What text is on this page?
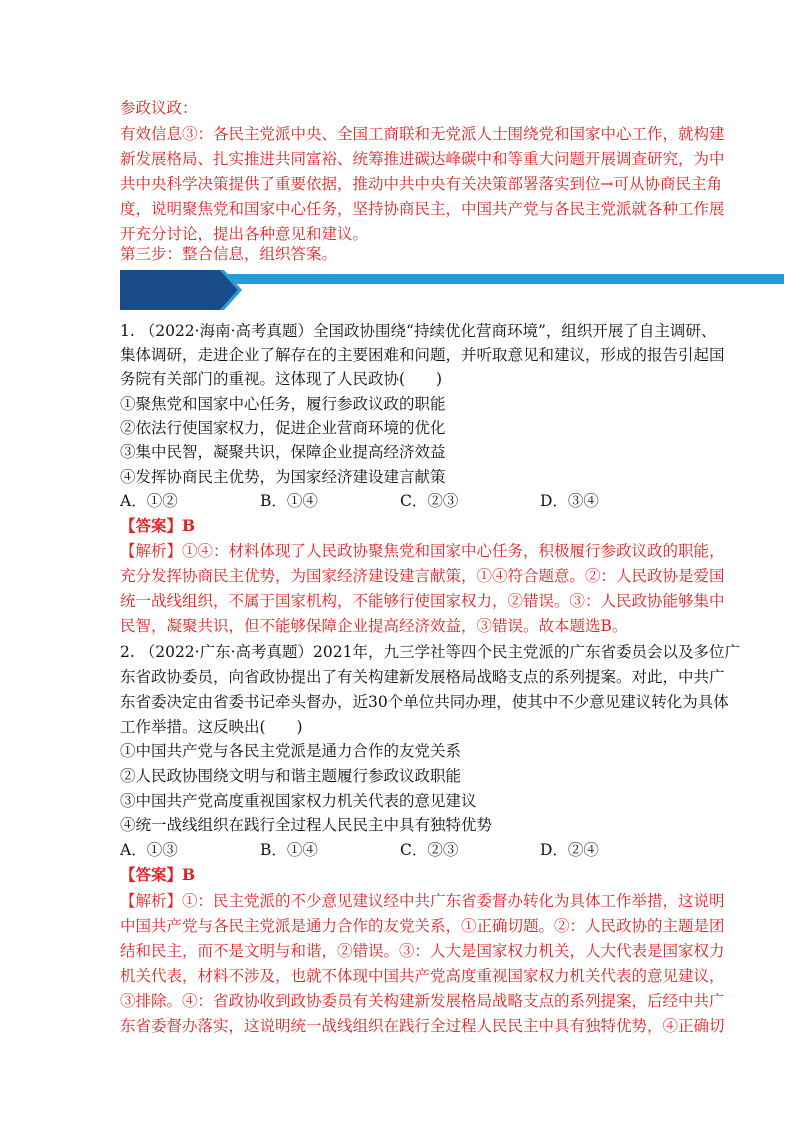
参政议政：
有效信息③：各民主党派中央、全国工商联和无党派人士围绕党和国家中心工作，就构建
新发展格局、扎实推进共同富裕、统筹推进碳达峰碳中和等重大问题开展调查研究，为中
共中央科学决策提供了重要依据，推动中共中央有关决策部署落实到位→可从协商民主角
度，说明聚焦党和国家中心任务，坚持协商民主，中国共产党与各民主党派就各种工作展
开充分讨论，提出各种意见和建议。
第三步：整合信息，组织答案。
真题感悟
1. （2022·海南·高考真题）全国政协围绕“持续优化营商环境”，组织开展了自主调研、
集体调研，走进企业了解存在的主要困难和问题，并听取意见和建议，形成的报告引起国
务院有关部门的重视。这体现了人民政协(　　)
①聚焦党和国家中心任务，履行参政议政的职能
②依法行使国家权力，促进企业营商环境的优化
③集中民智，凝聚共识，保障企业提高经济效益
④发挥协商民主优势，为国家经济建设建言献策
A．①②	B．①④	C．②③	D．③④
【答案】B
【解析】①④：材料体现了人民政协聚焦党和国家中心任务，积极履行参政议政的职能，
充分发挥协商民主优势，为国家经济建设建言献策，①④符合题意。②：人民政协是爱国
统一战线组织，不属于国家机构，不能够行使国家权力，②错误。③：人民政协能够集中
民智，凝聚共识，但不能够保障企业提高经济效益，③错误。故本题选B。
2. （2022·广东·高考真题）2021年，九三学社等四个民主党派的广东省委员会以及多位广
东省政协委员，向省政协提出了有关构建新发展格局战略支点的系列提案。对此，中共广
东省委决定由省委书记牵头督办，近30个单位共同办理，使其中不少意见建议转化为具体
工作举措。这反映出(　　)
①中国共产党与各民主党派是通力合作的友党关系
②人民政协围绕文明与和谐主题履行参政议政职能
③中国共产党高度重视国家权力机关代表的意见建议
④统一战线组织在践行全过程人民民主中具有独特优势
A．①③	B．①④	C．②③	D．②④
【答案】B
【解析】①：民主党派的不少意见建议经中共广东省委督办转化为具体工作举措，这说明
中国共产党与各民主党派是通力合作的友党关系，①正确切题。②：人民政协的主题是团
结和民主，而不是文明与和谐，②错误。③：人大是国家权力机关，人大代表是国家权力
机关代表，材料不涉及，也就不体现中国共产党高度重视国家权力机关代表的意见建议，
③排除。④：省政协收到政协委员有关构建新发展格局战略支点的系列提案，后经中共广
东省委督办落实，这说明统一战线组织在践行全过程人民民主中具有独特优势，④正确切
